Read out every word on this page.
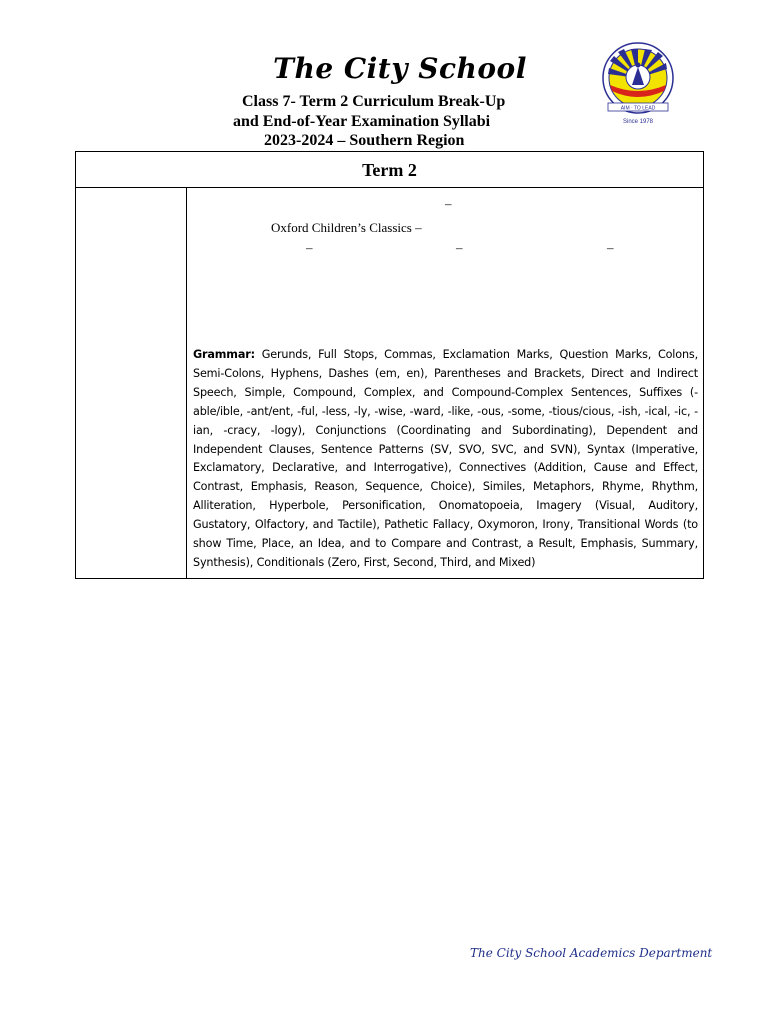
The City School

Class 7- Term 2 Curriculum Break-Up

and End-of-Year Examination Syllabi

2023-2024 – Southern Region

AIM · TO LEAD
Since 1978
Term 2
–
Oxford Children’s Classics –
–	–	–

Grammar: Gerunds, Full Stops, Commas, Exclamation Marks, Question Marks, Colons, Semi-Colons, Hyphens, Dashes (em, en), Parentheses and Brackets, Direct and Indirect Speech, Simple, Compound, Complex, and Compound-Complex Sentences, Suffixes (-able/ible, -ant/ent, -ful, -less, -ly, -wise, -ward, -like, -ous, -some, -tious/cious, -ish, -ical, -ic, -ian, -cracy, -logy), Conjunctions (Coordinating and Subordinating), Dependent and Independent Clauses, Sentence Patterns (SV, SVO, SVC, and SVN), Syntax (Imperative, Exclamatory, Declarative, and Interrogative), Connectives (Addition, Cause and Effect, Contrast, Emphasis, Reason, Sequence, Choice), Similes, Metaphors, Rhyme, Rhythm, Alliteration, Hyperbole, Personification, Onomatopoeia, Imagery (Visual, Auditory, Gustatory, Olfactory, and Tactile), Pathetic Fallacy, Oxymoron, Irony, Transitional Words (to show Time, Place, an Idea, and to Compare and Contrast, a Result, Emphasis, Summary, Synthesis), Conditionals (Zero, First, Second, Third, and Mixed)

The City School Academics Department
